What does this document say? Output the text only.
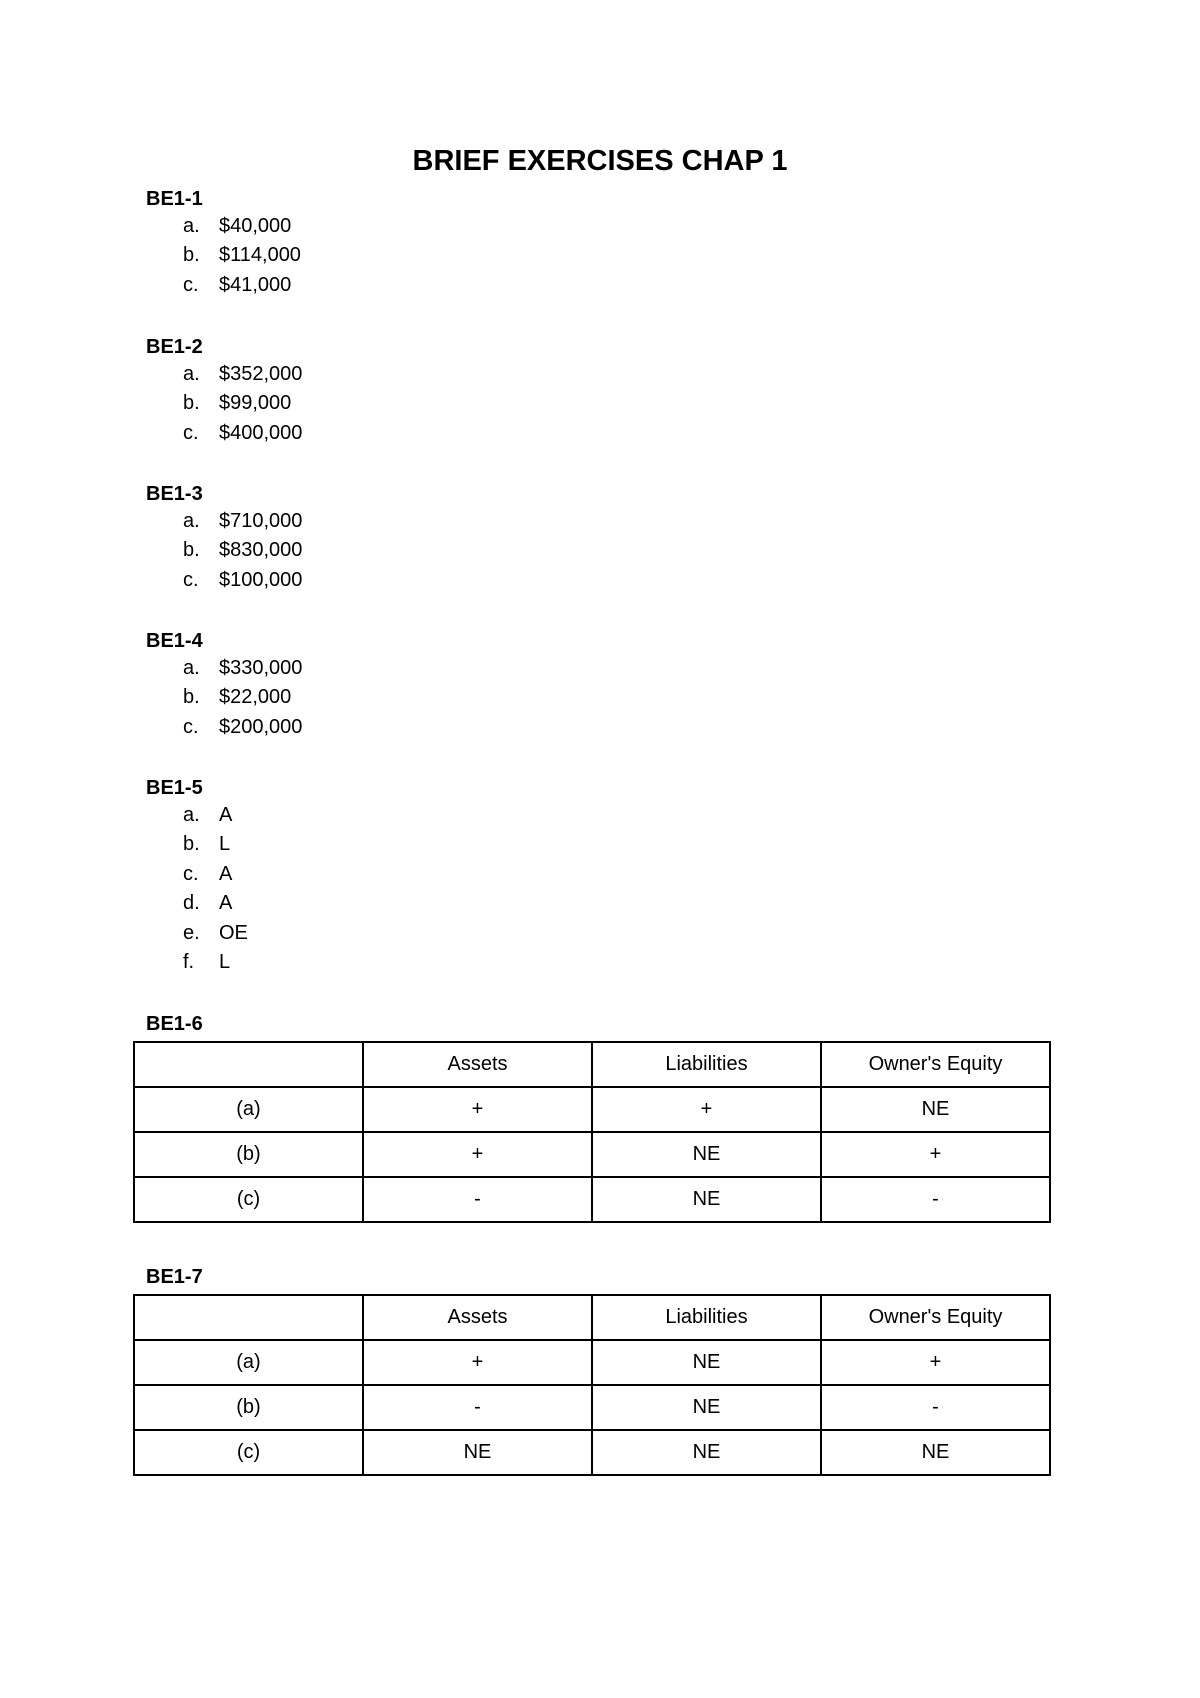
BRIEF EXERCISES CHAP 1
BE1-1
a. $40,000
b. $114,000
c.	$41,000
BE1-2
a. $352,000
b. $99,000
c.	$400,000
BE1-3
a. $710,000
b. $830,000
c.	$100,000
BE1-4
a. $330,000
b. $22,000
c.	$200,000
BE1-5
a. A
b. L
c.	A
d. A
e. OE
f.	L
BE1-6
	Assets	Liabilities	Owner's Equity
(a)	+	+	NE
(b)	+	NE	+
(c)	-	NE	-
BE1-7
	Assets	Liabilities	Owner's Equity
(a)	+	NE	+
(b)	-	NE	-
(c)	NE	NE	NE
